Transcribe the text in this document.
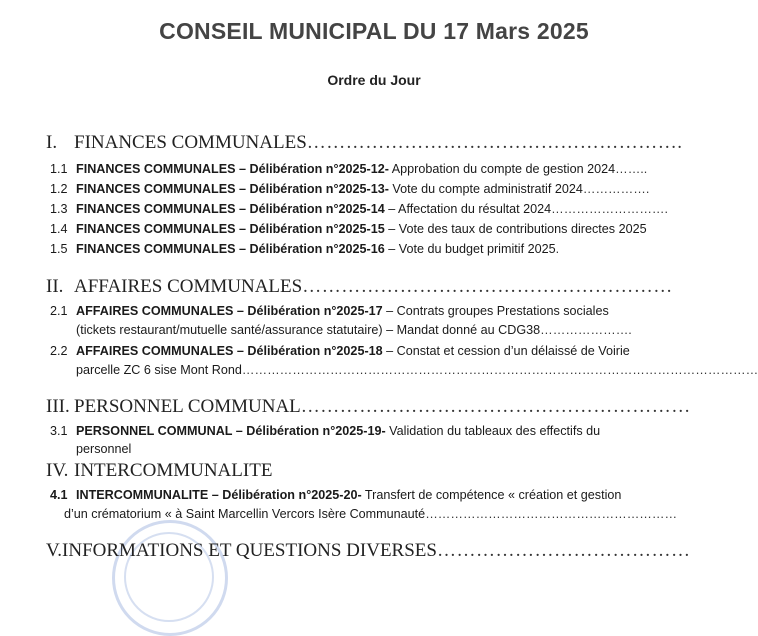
CONSEIL MUNICIPAL DU 17 Mars 2025
Ordre du Jour
I. FINANCES COMMUNALES………………………………………………….
1.1 FINANCES COMMUNALES – Délibération n°2025-12- Approbation du compte de gestion 2024……..
1.2 FINANCES COMMUNALES – Délibération n°2025-13- Vote du compte administratif 2024…………….
1.3 FINANCES COMMUNALES – Délibération n°2025-14 – Affectation du résultat 2024……………………….
1.4 FINANCES COMMUNALES – Délibération n°2025-15 – Vote des taux de contributions directes 2025
1.5 FINANCES COMMUNALES – Délibération n°2025-16 – Vote du budget primitif 2025.
II. AFFAIRES COMMUNALES…………………………………………………
2.1 AFFAIRES COMMUNALES – Délibération n°2025-17 – Contrats groupes Prestations sociales
(tickets restaurant/mutuelle santé/assurance statutaire) – Mandat donné au CDG38………………….
2.2 AFFAIRES COMMUNALES – Délibération n°2025-18 – Constat et cession d’un délaissé de Voirie
parcelle ZC 6 sise Mont Rond……………………………………………………………………………………………………………
III. PERSONNEL COMMUNAL……………………………………………………
3.1 PERSONNEL COMMUNAL – Délibération n°2025-19- Validation du tableaux des effectifs du
personnel
IV. INTERCOMMUNALITE
4.1 INTERCOMMUNALITE – Délibération n°2025-20- Transfert de compétence « création et gestion
d’un crématorium « à Saint Marcellin Vercors Isère Communauté……………………………………………………
V.INFORMATIONS ET QUESTIONS DIVERSES…………………………………
